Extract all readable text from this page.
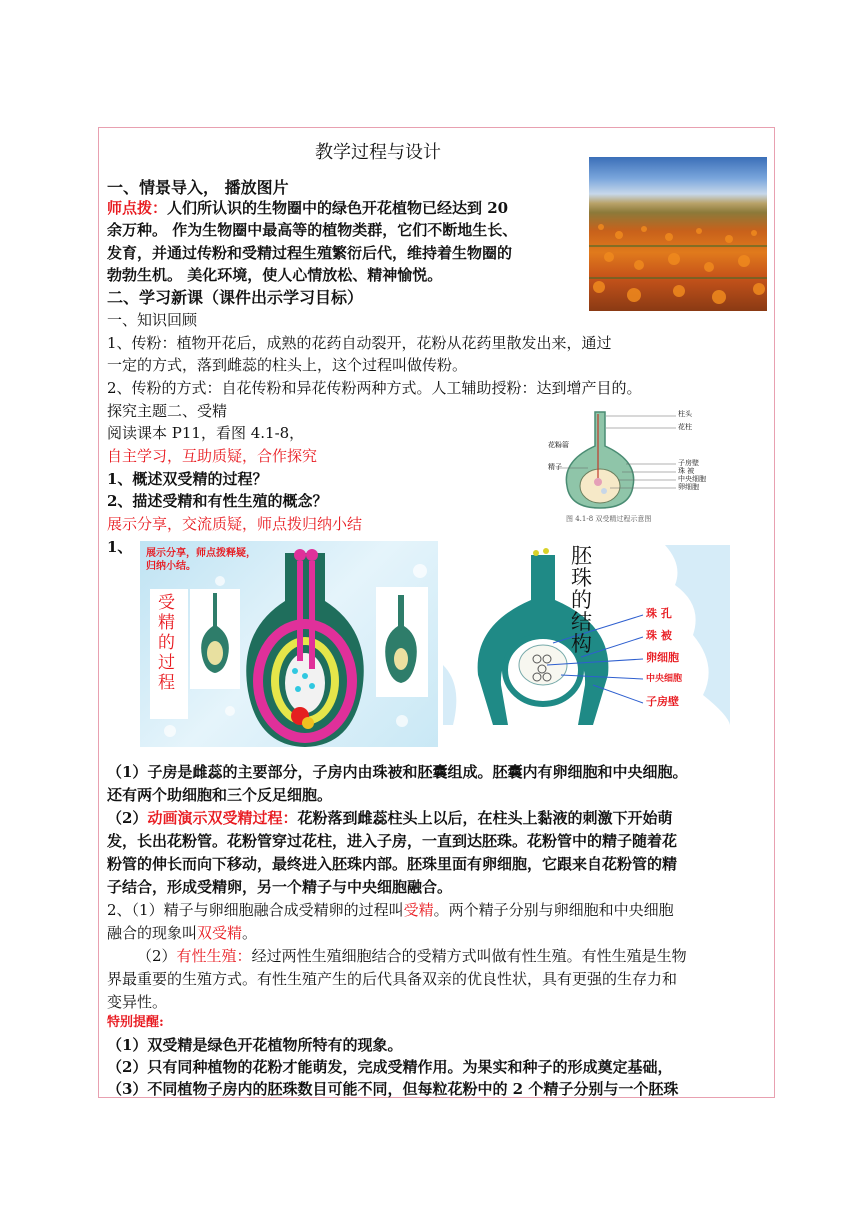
教学过程与设计
一、情景导入， 播放图片
师点拨：人们所认识的生物圈中的绿色开花植物已经达到 20
余万种。 作为生物圈中最高等的植物类群，它们不断地生长、
发育，并通过传粉和受精过程生殖繁衍后代，维持着生物圈的
勃勃生机。 美化环境，使人心情放松、精神愉悦。
二、学习新课（课件出示学习目标）
一、知识回顾
1、传粉：植物开花后，成熟的花药自动裂开，花粉从花药里散发出来，通过
一定的方式，落到雌蕊的柱头上，这个过程叫做传粉。
2、传粉的方式：自花传粉和异花传粉两种方式。人工辅助授粉：达到增产目的。
探究主题二、受精
阅读课本 P11，看图 4.1-8，
自主学习，互助质疑，合作探究
1、概述双受精的过程？
2、描述受精和有性生殖的概念？
展示分享，交流质疑，师点拨归纳小结
1、
柱头
花柱
花粉管
精子	子房壁
珠 被
中央细胞
卵细胞
图 4.1-8 双受精过程示意图
展示分享，师点拨释疑，
归纳小结。
受
精
的
过
程
胚
珠
的
结
构
珠 孔
珠 被
卵细胞
中央细胞
子房壁
（1）子房是雌蕊的主要部分，子房内由珠被和胚囊组成。胚囊内有卵细胞和中央细胞。
还有两个助细胞和三个反足细胞。
（2）动画演示双受精过程：花粉落到雌蕊柱头上以后，在柱头上黏液的刺激下开始萌
发，长出花粉管。花粉管穿过花柱，进入子房，一直到达胚珠。花粉管中的精子随着花
粉管的伸长而向下移动，最终进入胚珠内部。胚珠里面有卵细胞，它跟来自花粉管的精
子结合，形成受精卵，另一个精子与中央细胞融合。
2、（1）精子与卵细胞融合成受精卵的过程叫受精。两个精子分别与卵细胞和中央细胞
融合的现象叫双受精。
（2）有性生殖：经过两性生殖细胞结合的受精方式叫做有性生殖。有性生殖是生物
界最重要的生殖方式。有性生殖产生的后代具备双亲的优良性状，具有更强的生存力和
变异性。
特别提醒:
（1）双受精是绿色开花植物所特有的现象。
（2）只有同种植物的花粉才能萌发，完成受精作用。为果实和种子的形成奠定基础，
（3）不同植物子房内的胚珠数目可能不同，但每粒花粉中的 2 个精子分别与一个胚珠
